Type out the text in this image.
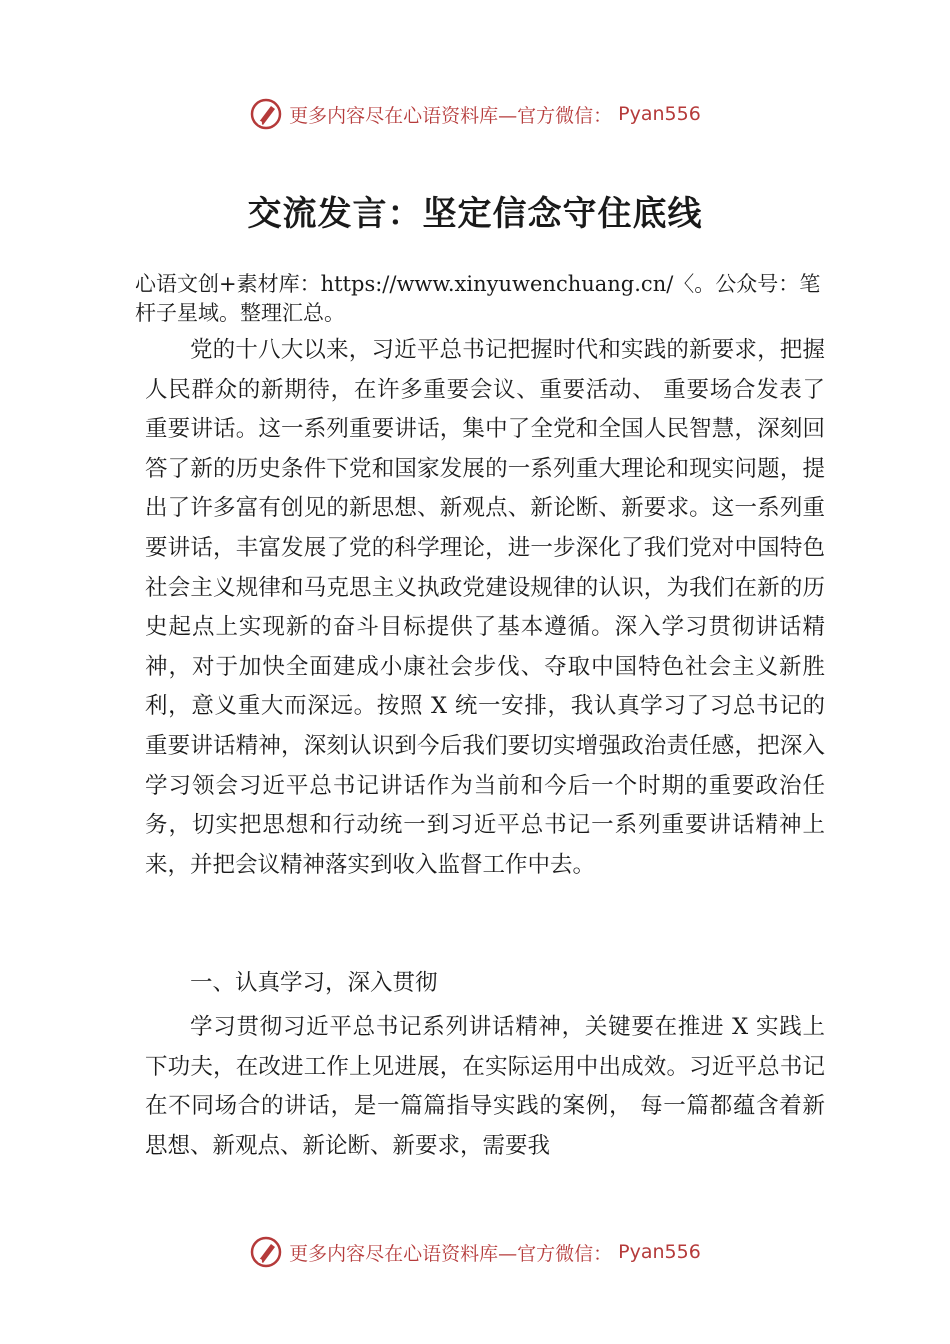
更多内容尽在心语资料库—官方微信： Pyan556
交流发言：坚定信念守住底线

心语文创+素材库：https://www.xinyuwenchuang.cn/〈。公众号：笔杆子星域。整理汇总。

党的十八大以来，习近平总书记把握时代和实践的新要求，把握人民群众的新期待，在许多重要会议、重要活动、 重要场合发表了重要讲话。这一系列重要讲话，集中了全党和全国人民智慧，深刻回答了新的历史条件下党和国家发展的一系列重大理论和现实问题，提出了许多富有创见的新思想、新观点、新论断、新要求。这一系列重要讲话，丰富发展了党的科学理论，进一步深化了我们党对中国特色社会主义规律和马克思主义执政党建设规律的认识，为我们在新的历史起点上实现新的奋斗目标提供了基本遵循。深入学习贯彻讲话精神，对于加快全面建成小康社会步伐、夺取中国特色社会主义新胜利，意义重大而深远。按照 X 统一安排，我认真学习了习总书记的重要讲话精神，深刻认识到今后我们要切实增强政治责任感，把深入学习领会习近平总书记讲话作为当前和今后一个时期的重要政治任务，切实把思想和行动统一到习近平总书记一系列重要讲话精神上来，并把会议精神落实到收入监督工作中去。

一、认真学习，深入贯彻

学习贯彻习近平总书记系列讲话精神，关键要在推进 X 实践上下功夫，在改进工作上见进展，在实际运用中出成效。习近平总书记在不同场合的讲话，是一篇篇指导实践的案例， 每一篇都蕴含着新思想、新观点、新论断、新要求，需要我

更多内容尽在心语资料库—官方微信： Pyan556
